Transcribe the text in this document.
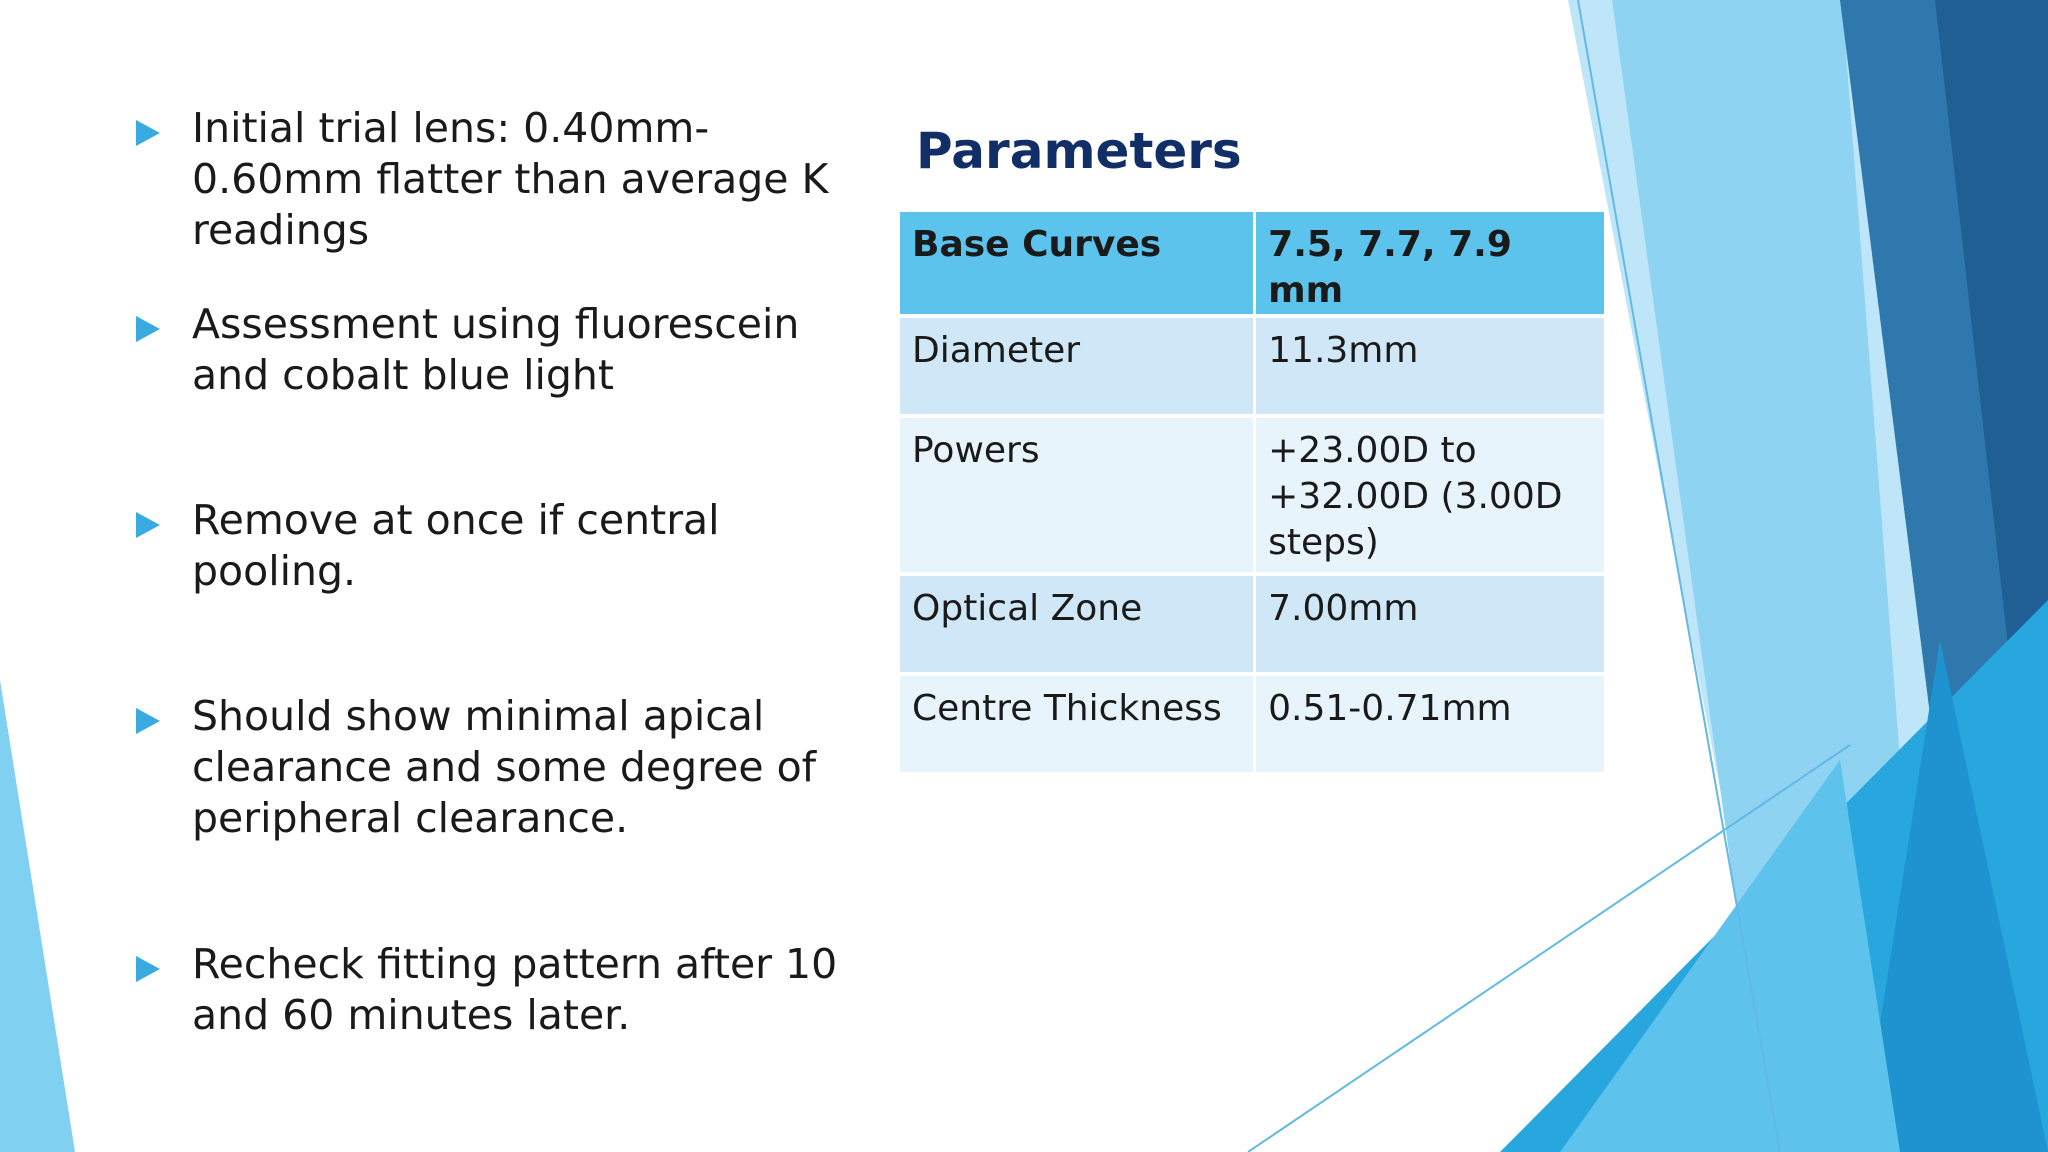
Initial trial lens: 0.40mm-0.60mm flatter than average K readings
Assessment using fluorescein and cobalt blue light
Remove at once if central pooling.
Should show minimal apical clearance and some degree of peripheral clearance.
Recheck fitting pattern after 10 and 60 minutes later.
Parameters
Base Curves	7.5, 7.7, 7.9 mm
Diameter	11.3mm
Powers	+23.00D to +32.00D (3.00D steps)
Optical Zone	7.00mm
Centre Thickness	0.51-0.71mm
